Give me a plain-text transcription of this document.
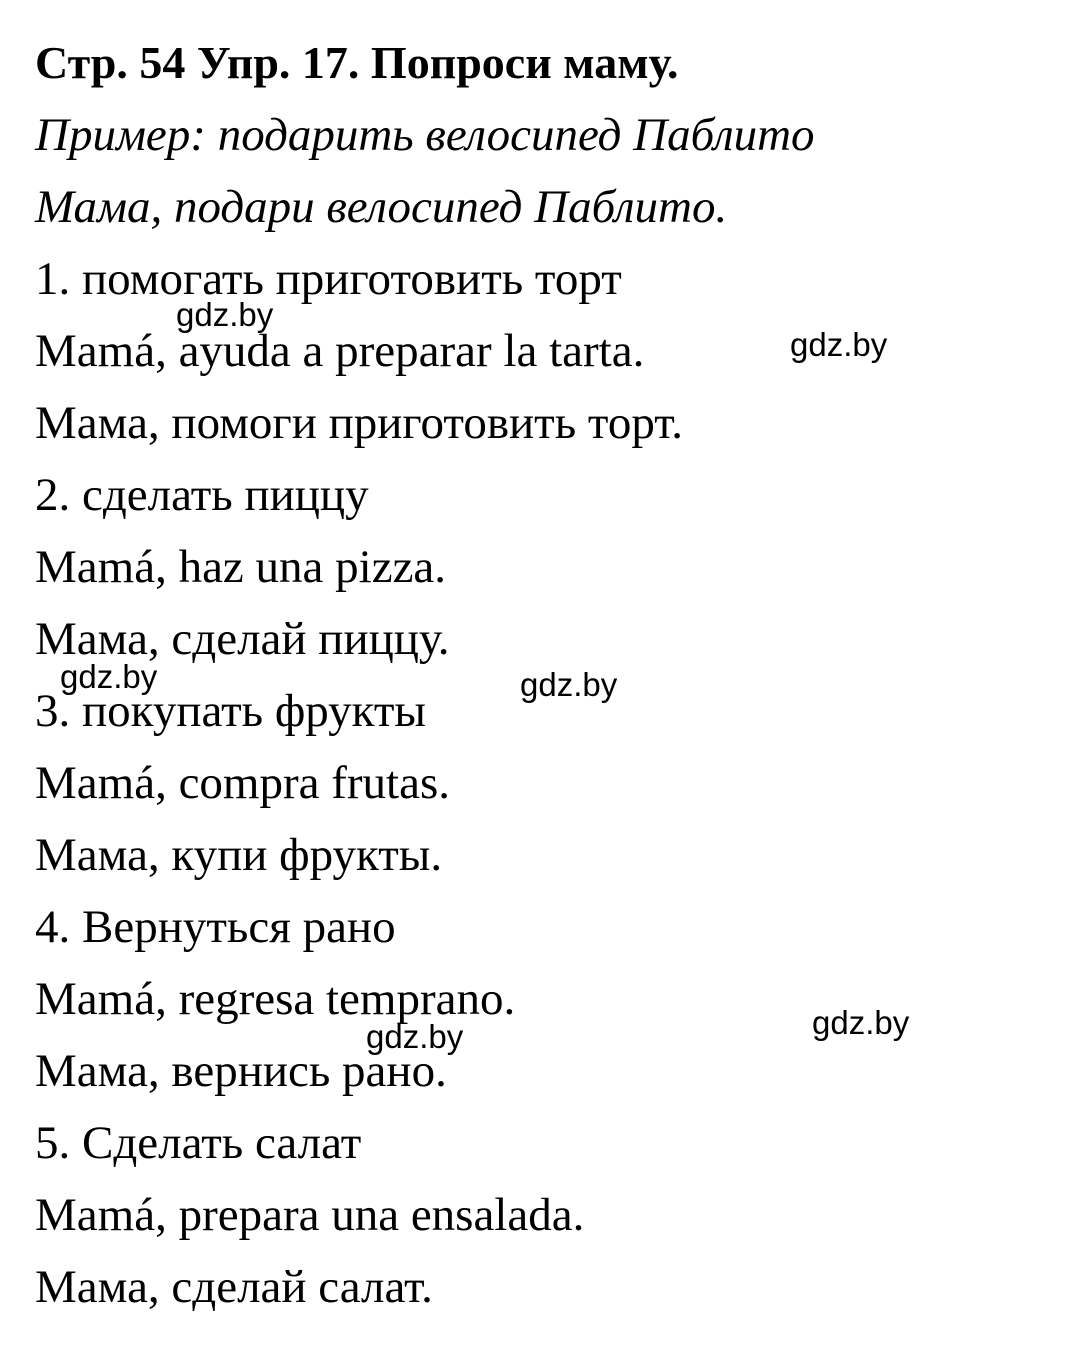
Стр. 54 Упр. 17. Попроси маму.

Пример: подарить велосипед Паблито

Мама, подари велосипед Паблито.

1. помогать приготовить торт

Mamá, ayuda a preparar la tarta.

Мама, помоги приготовить торт.

2. сделать пиццу

Mamá, haz una pizza.

Мама, сделай пиццу.

3. покупать фрукты

Mamá, compra frutas.

Мама, купи фрукты.

4. Вернуться рано

Mamá, regresa temprano.

Мама, вернись рано.

5. Сделать салат

Mamá, prepara una ensalada.

Мама, сделай салат.

gdz.by
gdz.by
gdz.by	gdz.by
gdz.by
gdz.by
